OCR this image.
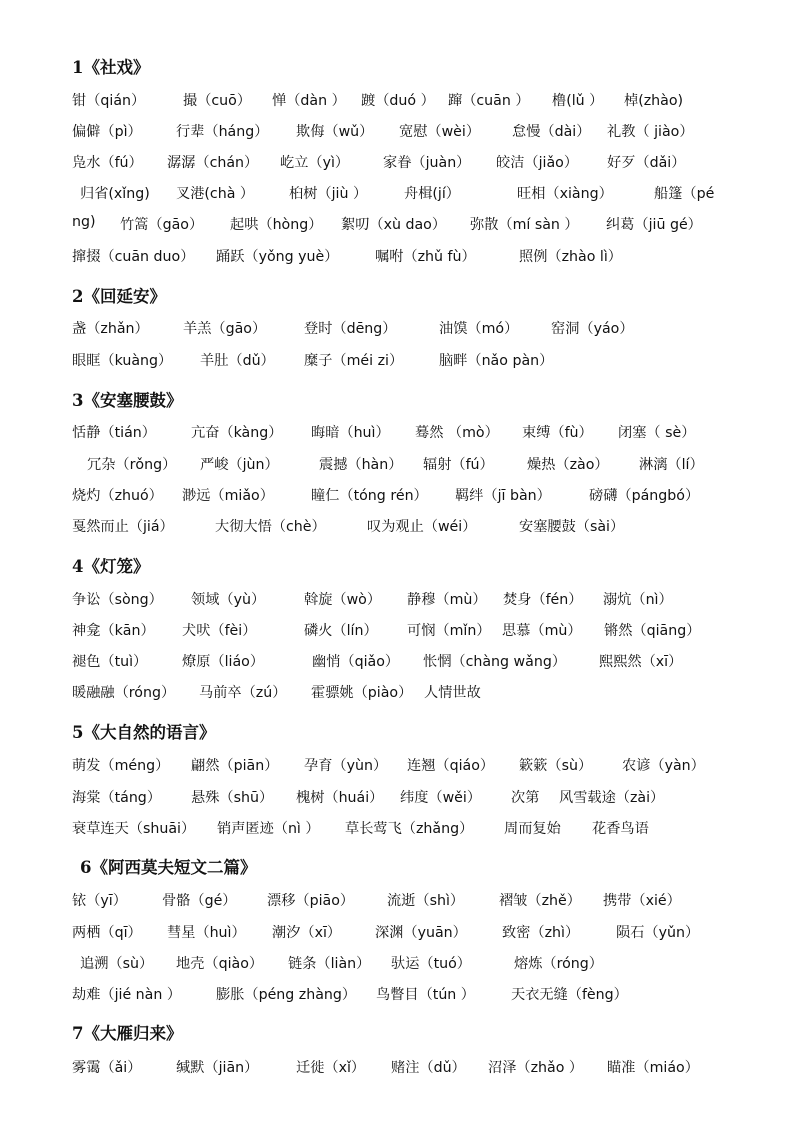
1《社戏》
钳（qián）	撮（cuō） 惮（dàn ） 踱（duó ） 蹿（cuān ） 橹(lǔ ） 棹(zhào)
偏僻（pì） 行辈（háng） 欺侮（wǔ） 宽慰（wèi） 怠慢（dài） 礼教（ jiào）
凫水（fú） 潺潺（chán） 屹立（yì） 家眷（juàn） 皎洁（jiǎo） 好歹（dǎi）
归省(xǐng) 叉港(chà ） 桕树（jiù ）	舟楫(jí）	旺相（xiàng）	船篷（pé
ng) 竹篙（gāo） 起哄（hòng） 絮叨（xù dao） 弥散（mí sàn ） 纠葛（jiū gé）
撺掇（cuān duo） 踊跃（yǒng yuè）	嘱咐（zhǔ fù）	照例（zhào lì）
2《回延安》
盏（zhǎn） 羊羔（gāo）	登时（dēng）	油馍（mó） 窑洞（yáo）
眼眶（kuàng） 羊肚（dǔ） 糜子（méi zi）	脑畔（nǎo pàn）
3《安塞腰鼓》
恬静（tián） 亢奋（kàng） 晦暗（huì） 蓦然 （mò） 束缚（fù） 闭塞（ sè）
冗杂（rǒng） 严峻（jùn）	震撼（hàn） 辐射（fú） 燥热（zào） 淋漓（lí）
烧灼（zhuó） 渺远（miǎo）	瞳仁（tóng rén） 羁绊（jī bàn）	磅礴（pángbó）
戛然而止（jiá）	大彻大悟（chè）	叹为观止（wéi）	安塞腰鼓（sài）
4《灯笼》
争讼（sòng） 领域（yù）	斡旋（wò） 静穆（mù） 焚身（fén） 溺炕（nì）
神龛（kān） 犬吠（fèi）	磷火（lín） 可悯（mǐn） 思慕（mù） 锵然（qiāng）
褪色（tuì） 燎原（liáo）	幽悄（qiǎo） 怅惘（chàng wǎng） 熙熙然（xī）
暖融融（róng） 马前卒（zú） 霍骠姚（piào） 人情世故
5《大自然的语言》
萌发（méng） 翩然（piān） 孕育（yùn） 连翘（qiáo） 簌簌（sù） 农谚（yàn）
海棠（táng） 悬殊（shū） 槐树（huái） 纬度（wěi） 次第 风雪载途（zài）
衰草连天（shuāi） 销声匿迹（nì ） 草长莺飞（zhǎng） 周而复始 花香鸟语
6《阿西莫夫短文二篇》
铱（yī） 骨骼（gé） 漂移（piāo） 流逝（shì） 褶皱（zhě） 携带（xié）
两栖（qī） 彗星（huì） 潮汐（xī） 深渊（yuān） 致密（zhì）	陨石（yǔn）
追溯（sù） 地壳（qiào） 链条（liàn） 驮运（tuó）	熔炼（róng）
劫难（jié nàn ） 膨胀（péng zhàng） 鸟瞥目（tún ）	天衣无缝（fèng）
7《大雁归来》
雾霭（ǎi） 缄默（jiān）	迁徙（xǐ） 赌注（dǔ） 沼泽（zhǎo ） 瞄准（miáo）
